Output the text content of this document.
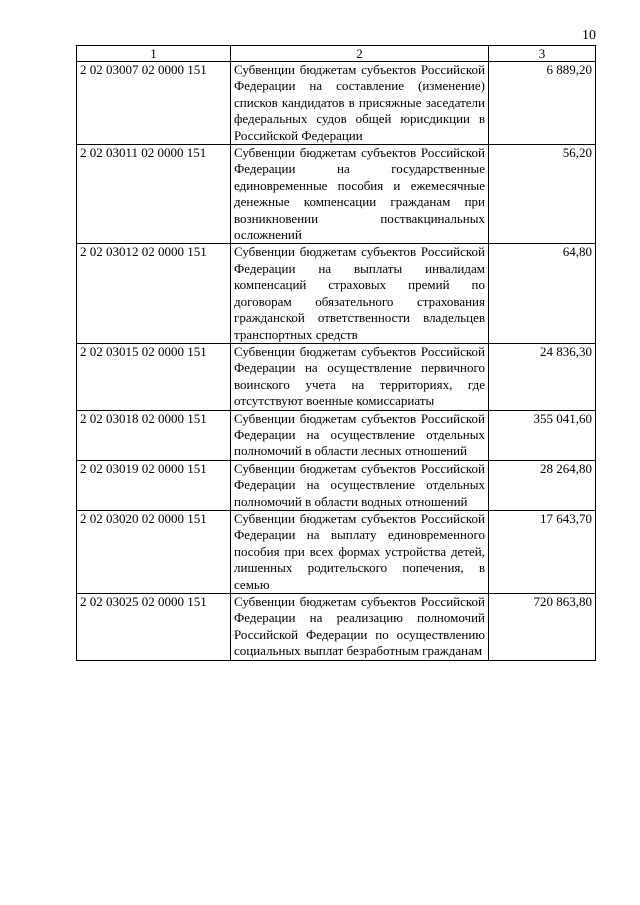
10
1	2	3
2 02 03007 02 0000 151	Субвенции бюджетам субъектов Российской Федерации на составление (изменение) списков кандидатов в присяжные заседатели федеральных судов общей юрисдикции в Российской Федерации	6 889,20
2 02 03011 02 0000 151	Субвенции бюджетам субъектов Российской Федерации на государственные единовременные пособия и ежемесячные денежные компенсации гражданам при возникновении поствакцинальных осложнений	56,20
2 02 03012 02 0000 151	Субвенции бюджетам субъектов Российской Федерации на выплаты инвалидам компенсаций страховых премий по договорам обязательного страхования гражданской ответственности владельцев транспортных средств	64,80
2 02 03015 02 0000 151	Субвенции бюджетам субъектов Российской Федерации на осуществление первичного воинского учета на территориях, где отсутствуют военные комиссариаты	24 836,30
2 02 03018 02 0000 151	Субвенции бюджетам субъектов Российской Федерации на осуществление отдельных полномочий в области лесных отношений	355 041,60
2 02 03019 02 0000 151	Субвенции бюджетам субъектов Российской Федерации на осуществление отдельных полномочий в области водных отношений	28 264,80
2 02 03020 02 0000 151	Субвенции бюджетам субъектов Российской Федерации на выплату единовременного пособия при всех формах устройства детей, лишенных родительского попечения, в семью	17 643,70
2 02 03025 02 0000 151	Субвенции бюджетам субъектов Российской Федерации на реализацию полномочий Российской Федерации по осуществлению социальных выплат безработным гражданам	720 863,80
